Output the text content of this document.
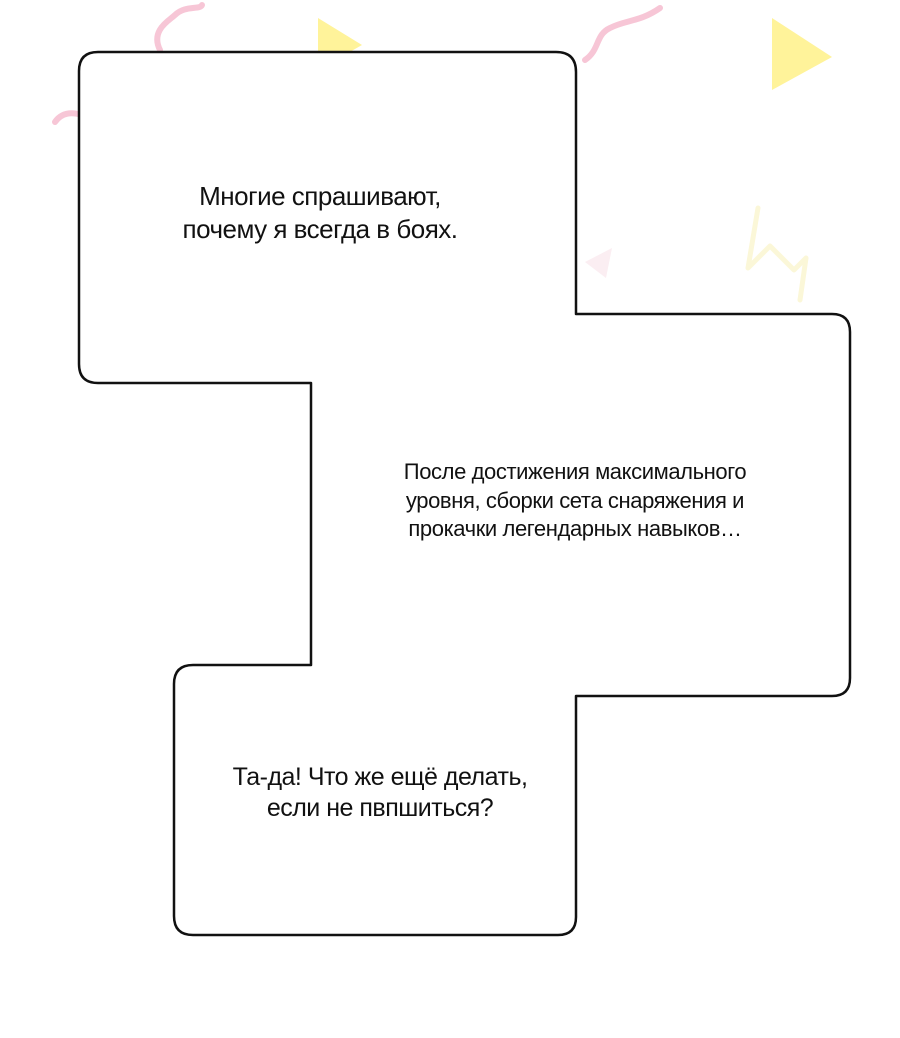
Многие спрашивают,
почему я всегда в боях.
После достижения максимального
уровня, сборки сета снаряжения и
прокачки легендарных навыков…
Та-да! Что же ещё делать,
если не пвпшиться?
